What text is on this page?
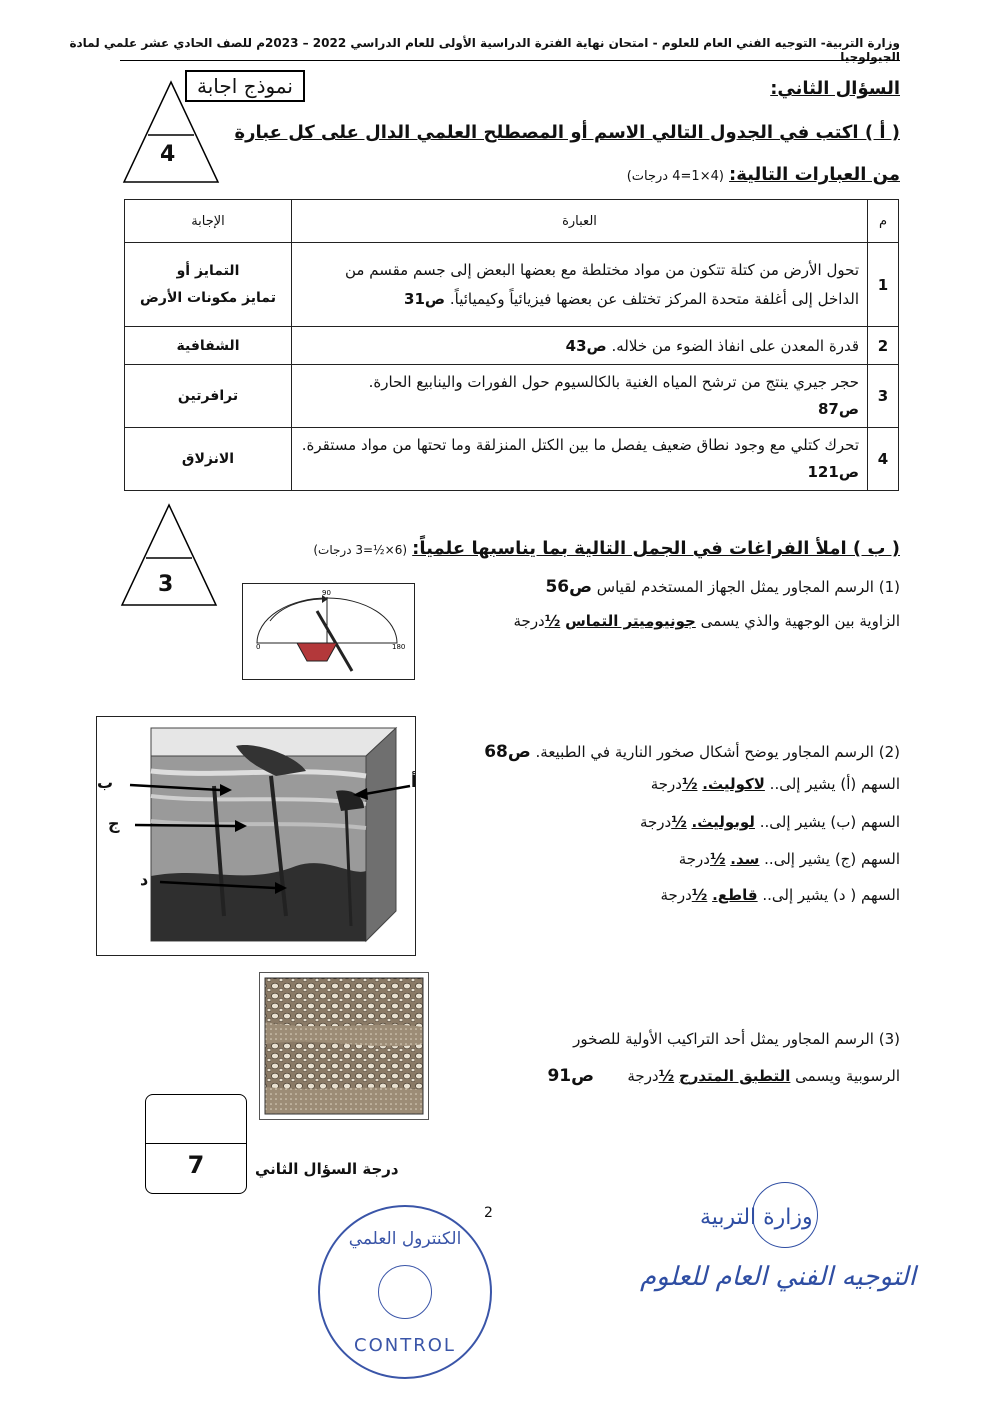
وزارة التربية- التوجيه الفني العام للعلوم - امتحان نهاية الفترة الدراسية الأولى للعام الدراسي 2022 – 2023م للصف الحادي عشر علمي لمادة الجيولوجيا
السؤال الثاني:
نموذج اجابة
4
( أ ) اكتب في الجدول التالي الاسم أو المصطلح العلمي الدال على كل عبارة
من العبارات التالية: (4×1=4 درجات)
م	العبارة	الإجابة
1	تحول الأرض من كتلة تتكون من مواد مختلطة مع بعضها البعض إلى جسم مقسم من الداخل إلى أغلفة متحدة المركز تختلف عن بعضها فيزيائياً وكيميائياً. ص31	التمايز أو
تمايز مكونات الأرض

2	قدرة المعدن على انفاذ الضوء من خلاله. ص43	الشفافية
3	حجر جيري ينتج من ترشح المياه الغنية بالكالسيوم حول الفورات والينابيع الحارة.
ص87	ترافرتين
4	تحرك كتلي مع وجود نطاق ضعيف يفصل ما بين الكتل المنزلقة وما تحتها من مواد مستقرة. ص121	الانزلاق
3
( ب ) املأ الفراغات في الجمل التالية بما يناسبها علمياً: (6×½=3 درجات)
(1) الرسم المجاور يمثل الجهاز المستخدم لقياس ص56
الزاوية بين الوجهية والذي يسمى جونيوميتر التماس ½درجة
90
0	180
(2) الرسم المجاور يوضح أشكال صخور النارية في الطبيعة. ص68
السهم (أ) يشير إلى.. لاكوليث. ½درجة
السهم (ب) يشير إلى.. لوبوليث. ½درجة
السهم (ج) يشير إلى.. سد. ½درجة
السهم ( د) يشير إلى.. قاطع. ½درجة
ب
ج
د
أ
(3) الرسم المجاور يمثل أحد التراكيب الأولية للصخور
الرسوبية ويسمى التطبق المتدرج ½درجة       ص91
7	درجة السؤال الثاني
2
الكنترول العلمي
CONTROL
وزارة التربية
التوجيه الفني العام للعلوم
